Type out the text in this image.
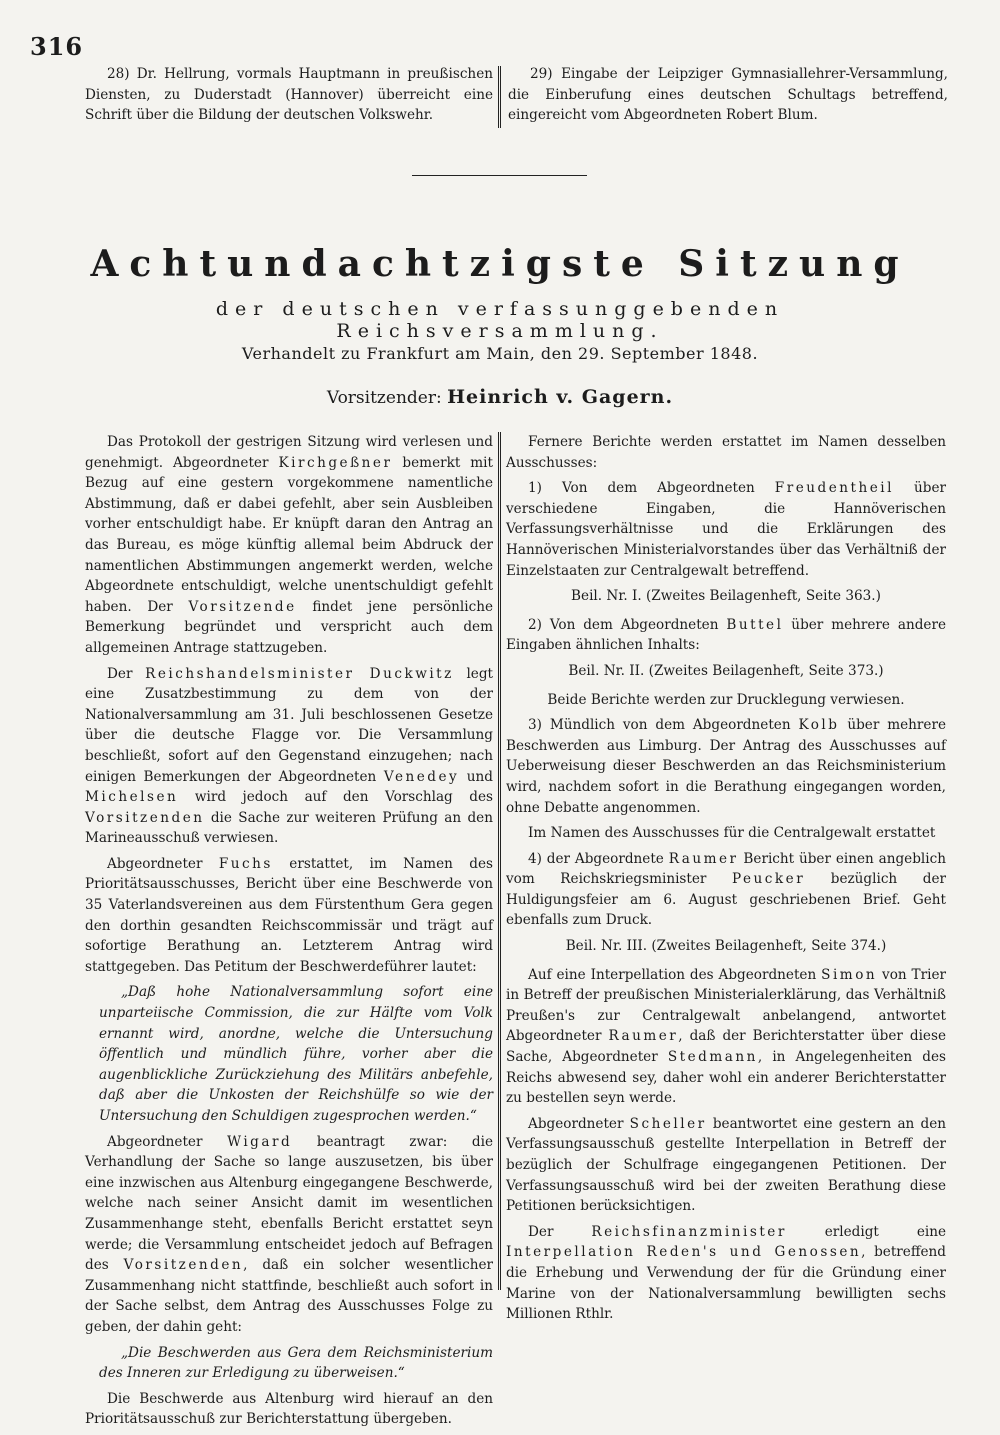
316

28) Dr. Hellrung, vormals Hauptmann in preußischen Diensten, zu Duderstadt (Hannover) überreicht eine Schrift über die Bildung der deutschen Volkswehr.

29) Eingabe der Leipziger Gymnasiallehrer-Versammlung, die Einberufung eines deutschen Schultags betreffend, eingereicht vom Abgeordneten Robert Blum.

Achtundachtzigste Sitzung
der deutschen verfassunggebenden Reichsversammlung.
Verhandelt zu Frankfurt am Main, den 29. September 1848.
Vorsitzender: Heinrich v. Gagern.

Das Protokoll der gestrigen Sitzung wird verlesen und genehmigt. Abgeordneter Kirchgeßner bemerkt mit Bezug auf eine gestern vorgekommene namentliche Abstimmung, daß er dabei gefehlt, aber sein Ausbleiben vorher entschuldigt habe. Er knüpft daran den Antrag an das Bureau, es möge künftig allemal beim Abdruck der namentlichen Abstimmungen angemerkt werden, welche Abgeordnete entschuldigt, welche unentschuldigt gefehlt haben. Der Vorsitzende findet jene persönliche Bemerkung begründet und verspricht auch dem allgemeinen Antrage stattzugeben.

Der Reichshandelsminister Duckwitz legt eine Zusatzbestimmung zu dem von der Nationalversammlung am 31. Juli beschlossenen Gesetze über die deutsche Flagge vor. Die Versammlung beschließt, sofort auf den Gegenstand einzugehen; nach einigen Bemerkungen der Abgeordneten Venedey und Michelsen wird jedoch auf den Vorschlag des Vorsitzenden die Sache zur weiteren Prüfung an den Marineausschuß verwiesen.

Abgeordneter Fuchs erstattet, im Namen des Prioritätsausschusses, Bericht über eine Beschwerde von 35 Vaterlandsvereinen aus dem Fürstenthum Gera gegen den dorthin gesandten Reichscommissär und trägt auf sofortige Berathung an. Letzterem Antrag wird stattgegeben. Das Petitum der Beschwerdeführer lautet:

„Daß hohe Nationalversammlung sofort eine unparteiische Commission, die zur Hälfte vom Volk ernannt wird, anordne, welche die Untersuchung öffentlich und mündlich führe, vorher aber die augenblickliche Zurückziehung des Militärs anbefehle, daß aber die Unkosten der Reichshülfe so wie der Untersuchung den Schuldigen zugesprochen werden.“

Abgeordneter Wigard beantragt zwar: die Verhandlung der Sache so lange auszusetzen, bis über eine inzwischen aus Altenburg eingegangene Beschwerde, welche nach seiner Ansicht damit im wesentlichen Zusammenhange steht, ebenfalls Bericht erstattet seyn werde; die Versammlung entscheidet jedoch auf Befragen des Vorsitzenden, daß ein solcher wesentlicher Zusammenhang nicht stattfinde, beschließt auch sofort in der Sache selbst, dem Antrag des Ausschusses Folge zu geben, der dahin geht:

„Die Beschwerden aus Gera dem Reichsministerium des Inneren zur Erledigung zu überweisen.“

Die Beschwerde aus Altenburg wird hierauf an den Prioritätsausschuß zur Berichterstattung übergeben.

Fernere Berichte werden erstattet im Namen desselben Ausschusses:

1) Von dem Abgeordneten Freudentheil über verschiedene Eingaben, die Hannöverischen Verfassungsverhältnisse und die Erklärungen des Hannöverischen Ministerialvorstandes über das Verhältniß der Einzelstaaten zur Centralgewalt betreffend.

Beil. Nr. I. (Zweites Beilagenheft, Seite 363.)

2) Von dem Abgeordneten Buttel über mehrere andere Eingaben ähnlichen Inhalts:

Beil. Nr. II. (Zweites Beilagenheft, Seite 373.)

Beide Berichte werden zur Drucklegung verwiesen.

3) Mündlich von dem Abgeordneten Kolb über mehrere Beschwerden aus Limburg. Der Antrag des Ausschusses auf Ueberweisung dieser Beschwerden an das Reichsministerium wird, nachdem sofort in die Berathung eingegangen worden, ohne Debatte angenommen.

Im Namen des Ausschusses für die Centralgewalt erstattet

4) der Abgeordnete Raumer Bericht über einen angeblich vom Reichskriegsminister Peucker bezüglich der Huldigungsfeier am 6. August geschriebenen Brief. Geht ebenfalls zum Druck.

Beil. Nr. III. (Zweites Beilagenheft, Seite 374.)

Auf eine Interpellation des Abgeordneten Simon von Trier in Betreff der preußischen Ministerialerklärung, das Verhältniß Preußen's zur Centralgewalt anbelangend, antwortet Abgeordneter Raumer, daß der Berichterstatter über diese Sache, Abgeordneter Stedmann, in Angelegenheiten des Reichs abwesend sey, daher wohl ein anderer Berichterstatter zu bestellen seyn werde.

Abgeordneter Scheller beantwortet eine gestern an den Verfassungsausschuß gestellte Interpellation in Betreff der bezüglich der Schulfrage eingegangenen Petitionen. Der Verfassungsausschuß wird bei der zweiten Berathung diese Petitionen berücksichtigen.

Der Reichsfinanzminister erledigt eine Interpellation Reden's und Genossen, betreffend die Erhebung und Verwendung der für die Gründung einer Marine von der Nationalversammlung bewilligten sechs Millionen Rthlr.
